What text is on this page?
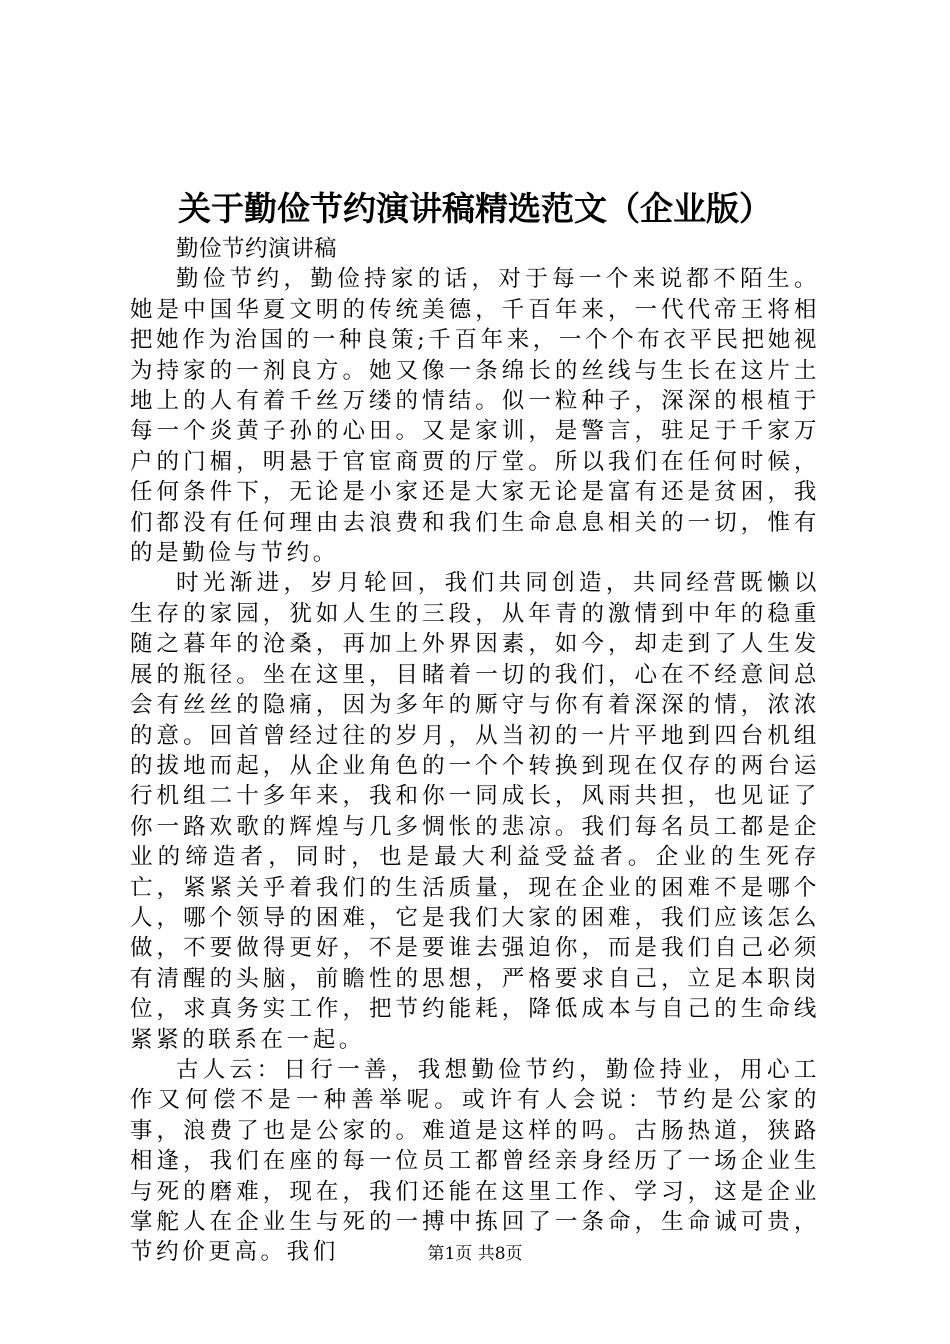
关于勤俭节约演讲稿精选范文（企业版）

勤俭节约演讲稿

勤俭节约，勤俭持家的话，对于每一个来说都不陌生。她是中国华夏文明的传统美德，千百年来，一代代帝王将相把她作为治国的一种良策;千百年来，一个个布衣平民把她视为持家的一剂良方。她又像一条绵长的丝线与生长在这片土地上的人有着千丝万缕的情结。似一粒种子，深深的根植于每一个炎黄子孙的心田。又是家训，是警言，驻足于千家万户的门楣，明悬于官宦商贾的厅堂。所以我们在任何时候，任何条件下，无论是小家还是大家无论是富有还是贫困，我们都没有任何理由去浪费和我们生命息息相关的一切，惟有的是勤俭与节约。

时光渐进，岁月轮回，我们共同创造，共同经营既懒以生存的家园，犹如人生的三段，从年青的激情到中年的稳重随之暮年的沧桑，再加上外界因素，如今，却走到了人生发展的瓶径。坐在这里，目睹着一切的我们，心在不经意间总会有丝丝的隐痛，因为多年的厮守与你有着深深的情，浓浓的意。回首曾经过往的岁月，从当初的一片平地到四台机组的拔地而起，从企业角色的一个个转换到现在仅存的两台运行机组二十多年来，我和你一同成长，风雨共担，也见证了你一路欢歌的辉煌与几多惆怅的悲凉。我们每名员工都是企业的缔造者，同时，也是最大利益受益者。企业的生死存亡，紧紧关乎着我们的生活质量，现在企业的困难不是哪个人，哪个领导的困难，它是我们大家的困难，我们应该怎么做，不要做得更好，不是要谁去强迫你，而是我们自己必须有清醒的头脑，前瞻性的思想，严格要求自己，立足本职岗位，求真务实工作，把节约能耗，降低成本与自己的生命线紧紧的联系在一起。

古人云：日行一善，我想勤俭节约，勤俭持业，用心工作又何偿不是一种善举呢。或许有人会说：节约是公家的事，浪费了也是公家的。难道是这样的吗。古肠热道，狭路相逢，我们在座的每一位员工都曾经亲身经历了一场企业生与死的磨难，现在，我们还能在这里工作、学习，这是企业掌舵人在企业生与死的一搏中拣回了一条命，生命诚可贵，节约价更高。我们	第1页 共8页
